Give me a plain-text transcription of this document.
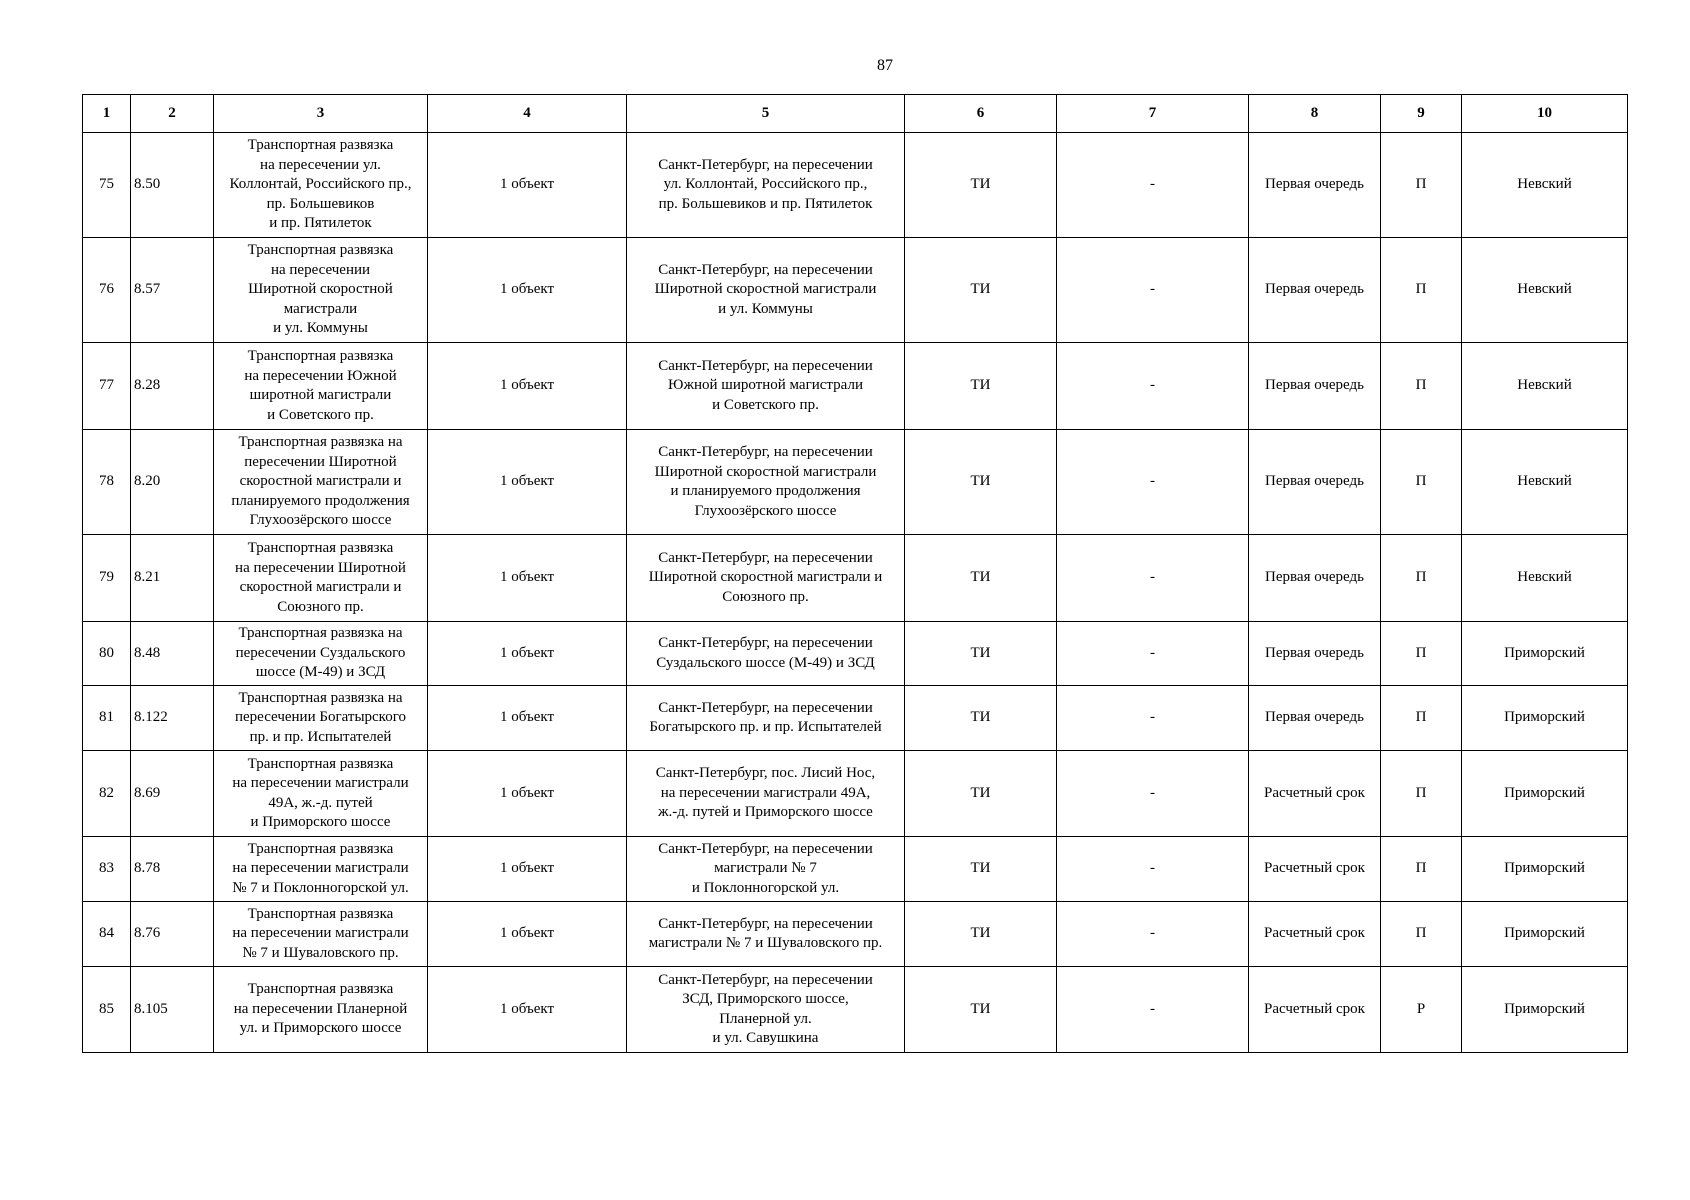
87
1	2	3	4	5	6	7	8	9	10
75	8.50	Транспортная развязка
на пересечении ул.
Коллонтай, Российского пр.,
пр. Большевиков
и пр. Пятилеток	1 объект	Санкт-Петербург, на пересечении
ул. Коллонтай, Российского пр.,
пр. Большевиков и пр. Пятилеток	ТИ	-	Первая очередь	П	Невский
76	8.57	Транспортная развязка
на пересечении
Широтной скоростной
магистрали
и ул. Коммуны	1 объект	Санкт-Петербург, на пересечении
Широтной скоростной магистрали
и ул. Коммуны	ТИ	-	Первая очередь	П	Невский
77	8.28	Транспортная развязка
на пересечении Южной
широтной магистрали
и Советского пр.	1 объект	Санкт-Петербург, на пересечении
Южной широтной магистрали
и Советского пр.	ТИ	-	Первая очередь	П	Невский
78	8.20	Транспортная развязка на
пересечении Широтной
скоростной магистрали и
планируемого продолжения
Глухоозёрского шоссе	1 объект	Санкт-Петербург, на пересечении
Широтной скоростной магистрали
и планируемого продолжения
Глухоозёрского шоссе	ТИ	-	Первая очередь	П	Невский
79	8.21	Транспортная развязка
на пересечении Широтной
скоростной магистрали и
Союзного пр.	1 объект	Санкт-Петербург, на пересечении
Широтной скоростной магистрали и
Союзного пр.	ТИ	-	Первая очередь	П	Невский
80	8.48	Транспортная развязка на
пересечении Суздальского
шоссе (М-49) и ЗСД	1 объект	Санкт-Петербург, на пересечении
Суздальского шоссе (М-49) и ЗСД	ТИ	-	Первая очередь	П	Приморский
81	8.122	Транспортная развязка на
пересечении Богатырского
пр. и пр. Испытателей	1 объект	Санкт-Петербург, на пересечении
Богатырского пр. и пр. Испытателей	ТИ	-	Первая очередь	П	Приморский
82	8.69	Транспортная развязка
на пересечении магистрали
49А, ж.-д. путей
и Приморского шоссе	1 объект	Санкт-Петербург, пос. Лисий Нос,
на пересечении магистрали 49А,
ж.-д. путей и Приморского шоссе	ТИ	-	Расчетный срок	П	Приморский
83	8.78	Транспортная развязка
на пересечении магистрали
№ 7 и Поклонногорской ул.	1 объект	Санкт-Петербург, на пересечении
магистрали № 7
и Поклонногорской ул.	ТИ	-	Расчетный срок	П	Приморский
84	8.76	Транспортная развязка
на пересечении магистрали
№ 7 и Шуваловского пр.	1 объект	Санкт-Петербург, на пересечении
магистрали № 7 и Шуваловского пр.	ТИ	-	Расчетный срок	П	Приморский
85	8.105	Транспортная развязка
на пересечении Планерной
ул. и Приморского шоссе	1 объект	Санкт-Петербург, на пересечении
ЗСД, Приморского шоссе,
Планерной ул.
и ул. Савушкина	ТИ	-	Расчетный срок	Р	Приморский
